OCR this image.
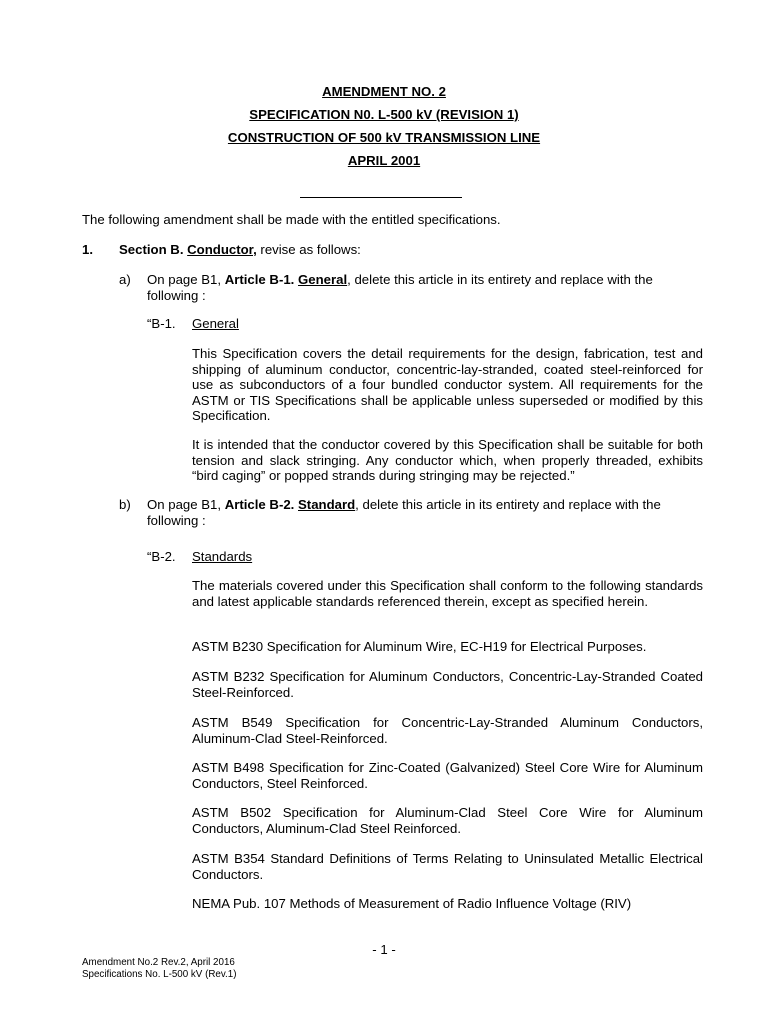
AMENDMENT NO. 2

SPECIFICATION N0. L-500 kV (REVISION 1)

CONSTRUCTION OF 500 kV TRANSMISSION LINE

APRIL 2001

The following amendment shall be made with the entitled specifications.

1. Section B. Conductor, revise as follows:

a) On page B1, Article B-1. General, delete this article in its entirety and replace with the following :

“B-1. General

This Specification covers the detail requirements for the design, fabrication, test and shipping of aluminum conductor, concentric-lay-stranded, coated steel-reinforced for use as subconductors of a four bundled conductor system. All requirements for the ASTM or TIS Specifications shall be applicable unless superseded or modified by this Specification.

It is intended that the conductor covered by this Specification shall be suitable for both tension and slack stringing. Any conductor which, when properly threaded, exhibits “bird caging” or popped strands during stringing may be rejected.”

b) On page B1, Article B-2. Standard, delete this article in its entirety and replace with the following :

“B-2. Standards

The materials covered under this Specification shall conform to the following standards and latest applicable standards referenced therein, except as specified herein.

ASTM B230 Specification for Aluminum Wire, EC-H19 for Electrical Purposes.

ASTM B232 Specification for Aluminum Conductors, Concentric-Lay-Stranded Coated Steel-Reinforced.

ASTM B549 Specification for Concentric-Lay-Stranded Aluminum Conductors, Aluminum-Clad Steel-Reinforced.

ASTM B498 Specification for Zinc-Coated (Galvanized) Steel Core Wire for Aluminum Conductors, Steel Reinforced.

ASTM B502 Specification for Aluminum-Clad Steel Core Wire for Aluminum Conductors, Aluminum-Clad Steel Reinforced.

ASTM B354 Standard Definitions of Terms Relating to Uninsulated Metallic Electrical Conductors.

NEMA Pub. 107 Methods of Measurement of Radio Influence Voltage (RIV)

- 1 -

Amendment No.2 Rev.2, April 2016

Specifications No. L-500 kV (Rev.1)
